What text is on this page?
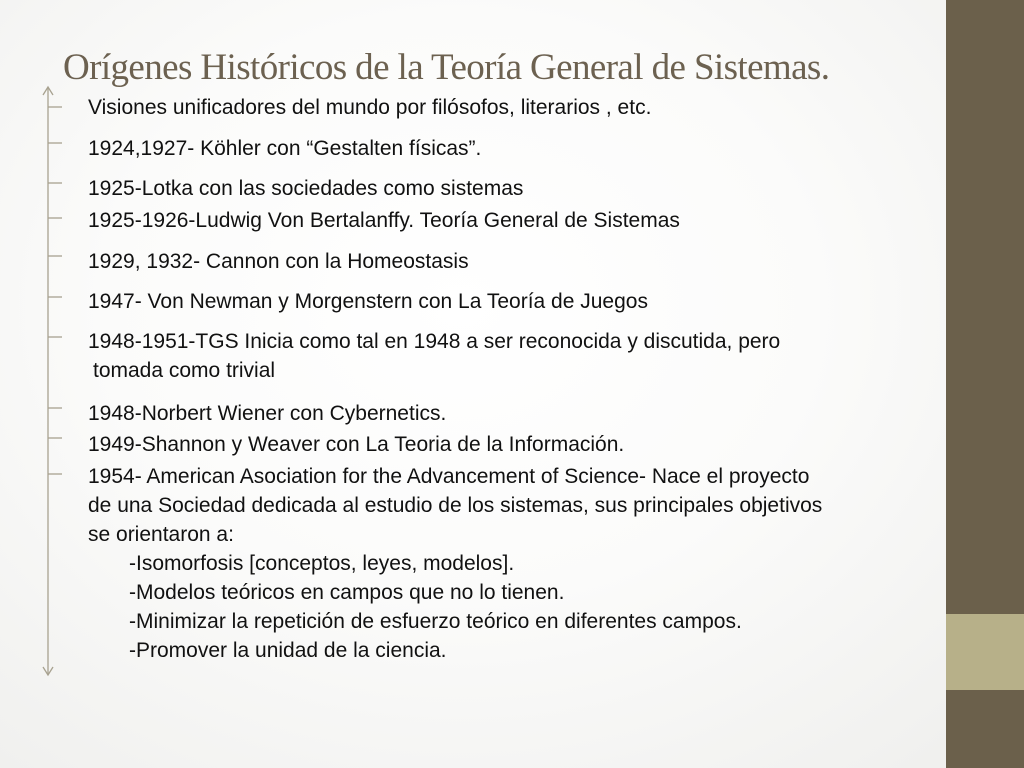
Orígenes Históricos de la Teoría General de Sistemas.

Visiones unificadores del mundo por filósofos, literarios , etc.

1924,1927- Köhler con “Gestalten físicas”.

1925-Lotka con las sociedades como sistemas

1925-1926-Ludwig Von Bertalanffy. Teoría General de Sistemas

1929, 1932- Cannon con la Homeostasis

1947- Von Newman y Morgenstern con La Teoría de Juegos

1948-1951-TGS Inicia como tal en 1948 a ser reconocida y discutida, pero
tomada como trivial

1948-Norbert Wiener con Cybernetics.

1949-Shannon y Weaver con La Teoria de la Información.

1954- American Asociation for the Advancement of Science- Nace el proyecto
de una Sociedad dedicada al estudio de los sistemas, sus principales objetivos
se orientaron a:
-Isomorfosis [conceptos, leyes, modelos].
-Modelos teóricos en campos que no lo tienen.
-Minimizar la repetición de esfuerzo teórico en diferentes campos.
-Promover la unidad de la ciencia.
